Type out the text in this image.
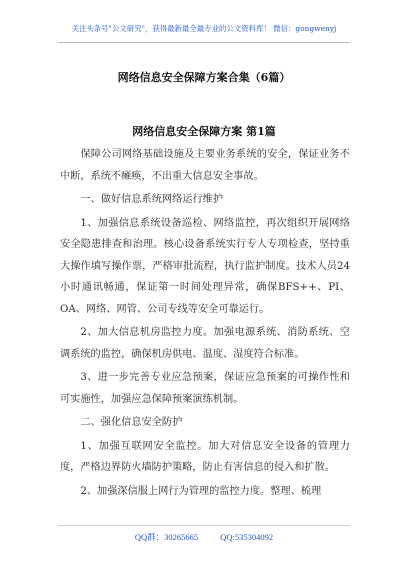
关注头条号"公文研究"，获得最新最全最专业的公文资料库！ 微信：gongwenyj
网络信息安全保障方案合集（6篇）
网络信息安全保障方案 第1篇

保障公司网络基础设施及主要业务系统的安全，保证业务不中断，系统不瘫痪，不出重大信息安全事故。

一、做好信息系统网络运行维护

1、加强信息系统设备巡检、网络监控，再次组织开展网络安全隐患排查和治理。核心设备系统实行专人专项检查，坚持重大操作填写操作票，严格审批流程，执行监护制度。技术人员24小时通讯畅通，保证第一时间处理异常，确保BFS++、PI、OA、网络、网管、公司专线等安全可靠运行。

2、加大信息机房监控力度。加强电源系统、消防系统、空调系统的监控，确保机房供电、温度、湿度符合标准。

3、进一步完善专业应急预案，保证应急预案的可操作性和可实施性，加强应急保障预案演练机制。

二、强化信息安全防护

1、加强互联网安全监控。加大对信息安全设备的管理力度，严格边界防火墙防护策略，防止有害信息的侵入和扩散。

2、加强深信服上网行为管理的监控力度。整理、梳理

QQ群：30265665	QQ:535304092
